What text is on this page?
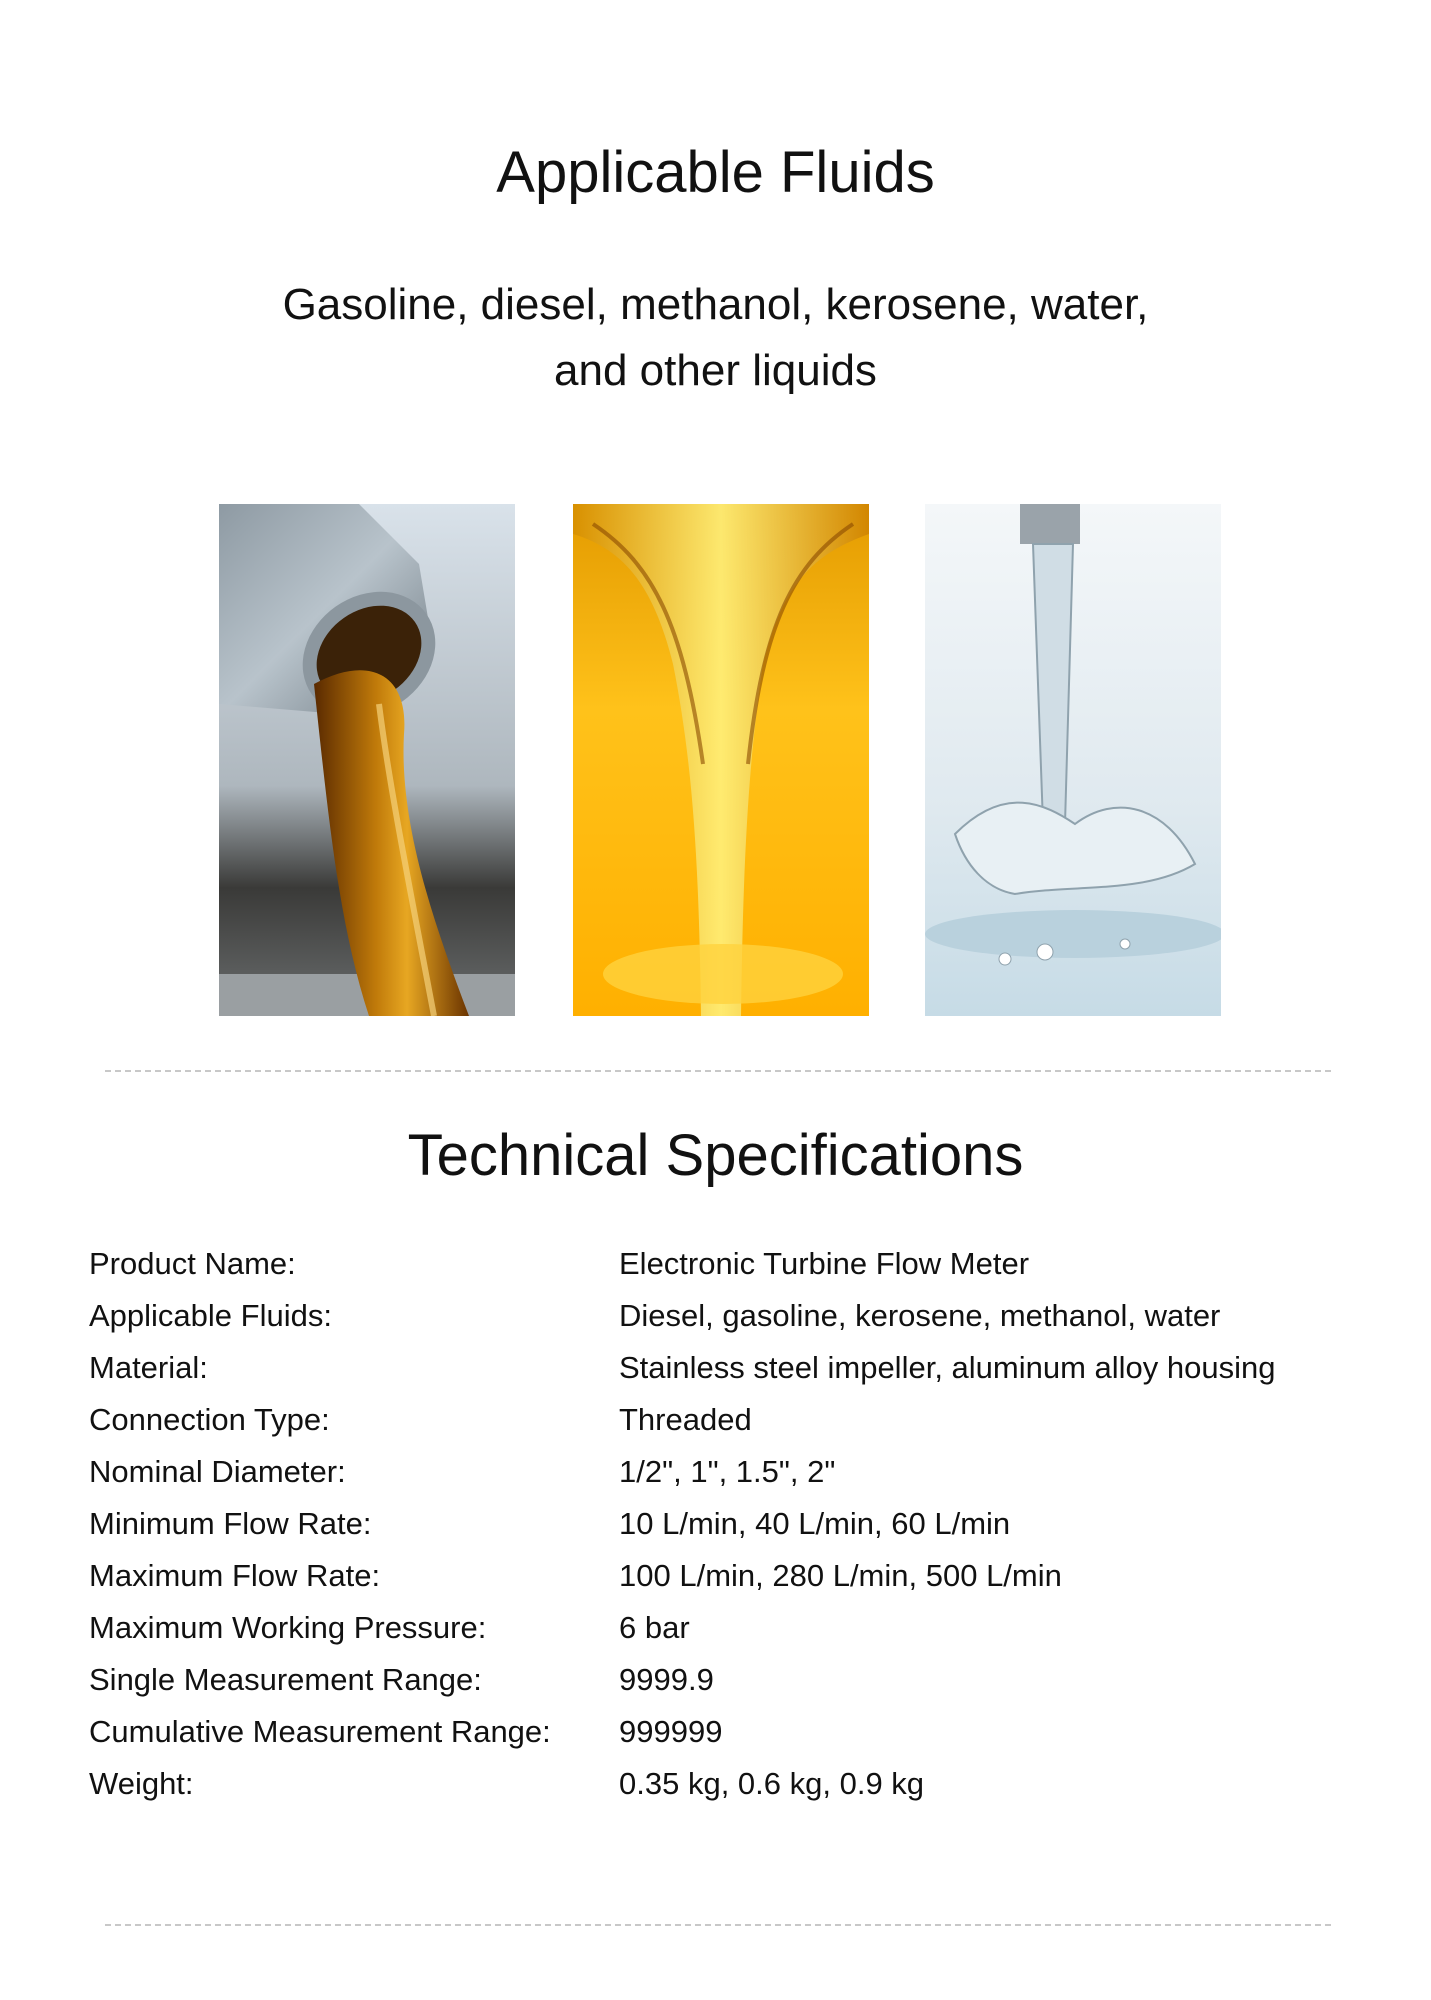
Applicable Fluids

Gasoline, diesel, methanol, kerosene, water,
and other liquids

Technical Specifications
Product Name:	Electronic Turbine Flow Meter
Applicable Fluids:	Diesel, gasoline, kerosene, methanol, water
Material:	Stainless steel impeller, aluminum alloy housing
Connection Type:	Threaded
Nominal Diameter:	1/2", 1", 1.5", 2"
Minimum Flow Rate:	10 L/min, 40 L/min, 60 L/min
Maximum Flow Rate:	100 L/min, 280 L/min, 500 L/min
Maximum Working Pressure:	6 bar
Single Measurement Range:	9999.9
Cumulative Measurement Range:	999999
Weight:	0.35 kg, 0.6 kg, 0.9 kg
